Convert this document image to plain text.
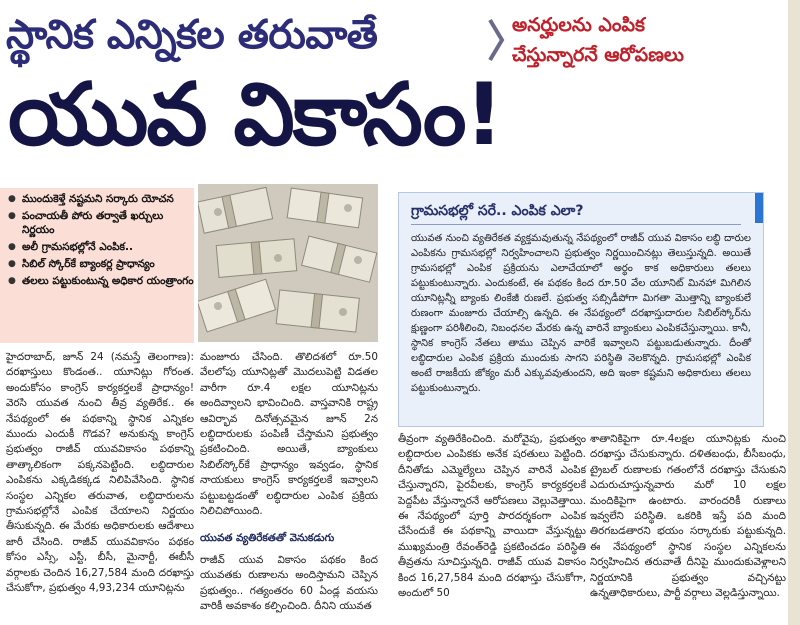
స్థానిక ఎన్నికల తరువాతే	అనర్హులను ఎంపిక
చేస్తున్నారనే ఆరోపణలు
యువ వికాసం!
● ముందుకెళ్తే నష్టమని సర్కారు యోచన
● పంచాయతీ పోరు తర్వాతే ఖర్చులు నిర్ణయం
● అలీ గ్రామసభల్లోనే ఎంపిక..
● సిబిల్ స్కోర్‌కే బ్యాంకర్ల ప్రాధాన్యం
● తలలు పట్టుకుంటున్న అధికార యంత్రాంగం
గ్రామసభల్లో సరే.. ఎంపిక ఎలా?
యువత నుంచి వ్యతిరేకత వ్యక్తమవుతున్న నేపథ్యంలో రాజీవ్ యువ వికాసం లబ్ధి దారుల ఎంపికను గ్రామసభల్లో నిర్వహించాలని ప్రభుత్వం నిర్ణయించినట్లు తెలుస్తున్నది. అయితే గ్రామసభల్లో ఎంపిక ప్రక్రియను ఎలాచేయాలో అర్థం కాక అధికారులు తలలు పట్టుకుంటున్నారు. ఎందుకంటే, ఈ పథకం కింద రూ.50 వేల యూనిట్ మినహా మిగిలిన యూనిట్లన్నీ బ్యాంకు లింకేజీ రుణలే. ప్రభుత్వ సబ్సిడీపోగా మిగతా మొత్తాన్ని బ్యాంకులే రుణంగా మంజూరు చేయాల్సి ఉన్నది. ఈ నేపథ్యంలో దరఖాస్తుదారుల సిబిల్‌స్కోర్‌ను క్షుణ్ణంగా పరిశీలించి, నిబంధనల మేరకు ఉన్న వారినే బ్యాంకులు ఎంపికచేస్తున్నాయి. కానీ, స్థానిక కాంగ్రెస్ నేతలు తాము చెప్పిన వారికే ఇవ్వాలని పట్టుబడుతున్నారు. దీంతో లబ్ధిదారుల ఎంపిక ప్రక్రియ ముందుకు సాగని పరిస్థితి నెలకొన్నది. గ్రామసభల్లో ఎంపిక అంటే రాజకీయ జోక్యం మరీ ఎక్కువవుతుందని, అది ఇంకా కష్టమని అధికారులు తలలు పట్టుకుంటున్నారు.
హైదరాబాద్, జూన్ 24 (నమస్తే తెలంగాణ): దరఖాస్తులు కొండంత.. యూనిట్లు గోరంత. అందుకోసం కాంగ్రెస్ కార్యకర్తలకే ప్రాధాన్యం! వెరసి యువత నుంచి తీవ్ర వ్యతిరేక.. ఈ నేపథ్యంలో ఈ పథకాన్ని స్థానిక ఎన్నికల ముందు ఎందుకీ గొడవ? అనుకున్న కాంగ్రెస్ ప్రభుత్వం రాజీవ్ యువవికాసం పథకాన్ని తాత్కాలికంగా పక్కనపెట్టింది. లబ్ధిదారుల ఎంపికను ఎక్కడికక్కడ నిలిపివేసింది. స్థానిక సంస్థల ఎన్నికల తరువాత, లబ్ధిదారులను గ్రామసభల్లోనే ఎంపిక చేయాలని నిర్ణయం తీసుకున్నది. ఈ మేరకు అధికారులకు ఆదేశాలు జారీ చేసింది. రాజీవ్ యువవికాసం పథకం కోసం ఎస్సీ, ఎస్టీ, బీసీ, మైనార్టీ, ఈబీసీ వర్గాలకు చెందిన 16,27,584 మంది దరఖాస్తు చేసుకోగా, ప్రభుత్వం 4,93,234 యూనిట్లను

మంజూరు చేసింది. తొలిదశలో రూ.50 వేలలోపు యూనిట్లతో మొదలుపెట్టి విడతల వారీగా రూ.4 లక్షల యూనిట్లను అందివ్వాలని భావించింది. వాస్తవానికి రాష్ట్ర ఆవిర్భావ దినోత్సవమైన జూన్ 2న లబ్ధిదారులకు పంపిణీ చేస్తామని ప్రభుత్వం ప్రకటించింది. అయితే, బ్యాంకులు సిబిల్‌స్కోర్‌కే ప్రాధాన్యం ఇవ్వడం, స్థానిక నాయకులు కాంగ్రెస్ కార్యకర్తలకే ఇవ్వాలని పట్టుబట్టడంతో లబ్ధిదారుల ఎంపిక ప్రక్రియ నిలిచిపోయింది.

యువత వ్యతిరేకతతో వెనుకడుగు

రాజీవ్ యువ వికాసం పథకం కింద యువతకు రుణాలను అందిస్తామని చెప్పిన ప్రభుత్వం.. గత్యంతరం 60 ఏండ్ల వయసు వారికీ అవకాశం కల్పించింది. దీనిని యువత

తీవ్రంగా వ్యతిరేకించింది. మరోవైపు, ప్రభుత్వం లబ్ధిదారుల ఎంపికకు అనేక షరతులు పెట్టింది. దీనితోడు ఎమ్మెల్యేలు చెప్పిన వారినే ఎంపిక చేస్తున్నారని, పైరవీలకు, కాంగ్రెస్ కార్యకర్తలకే పెద్దపీట వేస్తున్నారనే ఆరోపణలు వెల్లువెత్తాయి. ఈ నేపథ్యంలో పూర్తి పారదర్శకంగా ఎంపిక చేసేందుకే ఈ పథకాన్ని వాయిదా వేస్తున్నట్టు ముఖ్యమంత్రి రేవంత్‌రెడ్డి ప్రకటించడం పరిస్థితి తీవ్రతను సూచిస్తున్నది. రాజీవ్ యువ వికాసం కింద 16,27,584 మంది దరఖాస్తు చేసుకోగా, అందులో 50
శాతానికిపైగా రూ.4లక్షల యూనిట్లకు నుంచి దరఖాస్తు చేసుకున్నారు. దళితబంధు, బీసీబంధు, ట్రైబల్ రుణాలకు గతంలోనే దరఖాస్తు చేసుకుని ఎదురుచూస్తున్నవారు మరో 10 లక్షల మందికిపైగా ఉంటారు. వారందరికీ రుణాలు ఇవ్వలేని పరిస్థితి. ఒకరికి ఇస్తే పది మంది తిరగబడతారని భయం సర్కారుకు పట్టుకున్నది. ఈ నేపథ్యంలో స్థానిక సంస్థల ఎన్నికలను నిర్వహించిన తరువాతే దీనిపై ముందుకువెళ్లాలని నిర్ణయానికి ప్రభుత్వం వచ్చినట్టు ఉన్నతాధికారులు, పార్టీ వర్గాలు వెల్లడిస్తున్నాయి.
